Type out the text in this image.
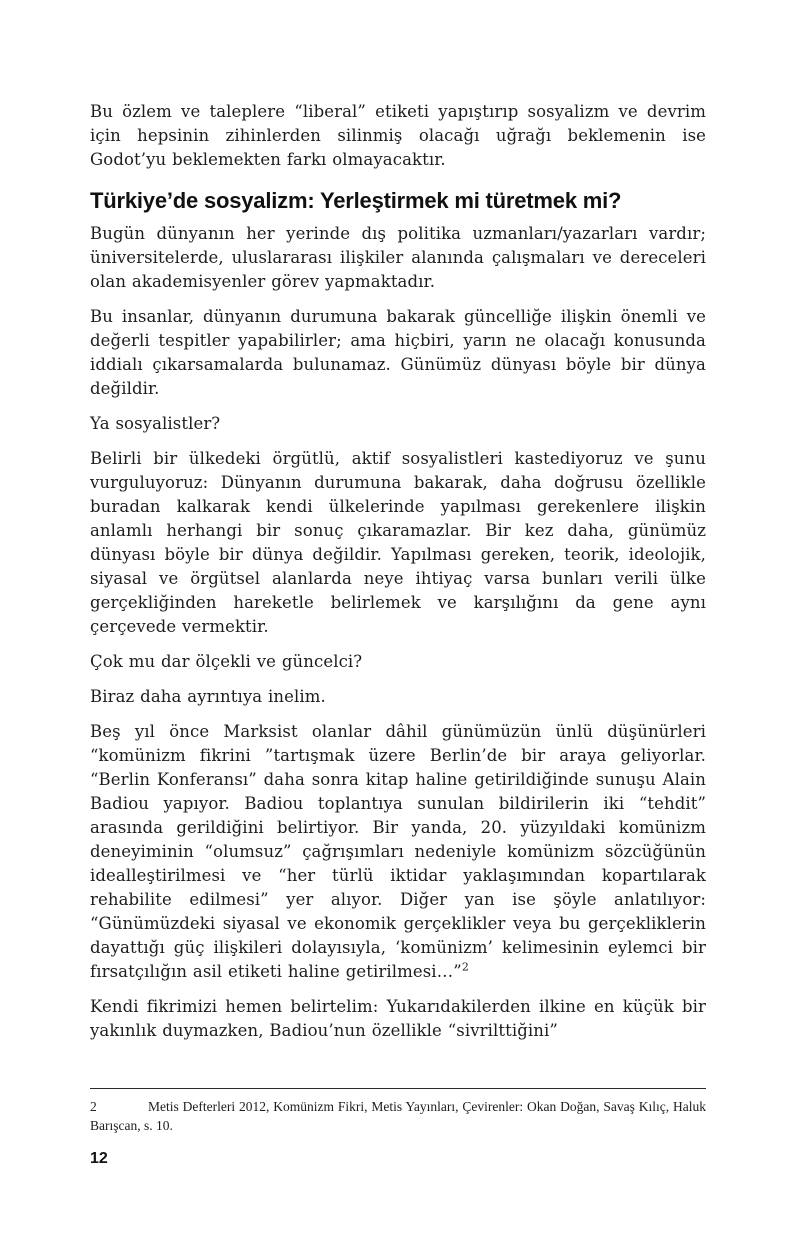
Bu özlem ve taleplere “liberal” etiketi yapıştırıp sosyalizm ve devrim için hepsinin zihinlerden silinmiş olacağı uğrağı beklemenin ise Godot’yu beklemekten farkı olmayacaktır.

Türkiye’de sosyalizm: Yerleştirmek mi türetmek mi?

Bugün dünyanın her yerinde dış politika uzmanları/yazarları vardır; üniversitelerde, uluslararası ilişkiler alanında çalışmaları ve dereceleri olan akademisyenler görev yapmaktadır.

Bu insanlar, dünyanın durumuna bakarak güncelliğe ilişkin önemli ve değerli tespitler yapabilirler; ama hiçbiri, yarın ne olacağı konusunda iddialı çıkarsamalarda bulunamaz. Günümüz dünyası böyle bir dünya değildir.

Ya sosyalistler?

Belirli bir ülkedeki örgütlü, aktif sosyalistleri kastediyoruz ve şunu vurguluyoruz: Dünyanın durumuna bakarak, daha doğrusu özellikle buradan kalkarak kendi ülkelerinde yapılması gerekenlere ilişkin anlamlı herhangi bir sonuç çıkaramazlar. Bir kez daha, günümüz dünyası böyle bir dünya değildir. Yapılması gereken, teorik, ideolojik, siyasal ve örgütsel alanlarda neye ihtiyaç varsa bunları verili ülke gerçekliğinden hareketle belirlemek ve karşılığını da gene aynı çerçevede vermektir.

Çok mu dar ölçekli ve güncelci?

Biraz daha ayrıntıya inelim.

Beş yıl önce Marksist olanlar dâhil günümüzün ünlü düşünürleri “komünizm fikrini ”tartışmak üzere Berlin’de bir araya geliyorlar. “Berlin Konferansı” daha sonra kitap haline getirildiğinde sunuşu Alain Badiou yapıyor. Badiou toplantıya sunulan bildirilerin iki “tehdit” arasında gerildiğini belirtiyor. Bir yanda, 20. yüzyıldaki komünizm deneyiminin “olumsuz” çağrışımları nedeniyle komünizm sözcüğünün idealleştirilmesi ve “her türlü iktidar yaklaşımından kopartılarak rehabilite edilmesi” yer alıyor. Diğer yan ise şöyle anlatılıyor: “Günümüzdeki siyasal ve ekonomik gerçeklikler veya bu gerçekliklerin dayattığı güç ilişkileri dolayısıyla, ‘komünizm’ kelimesinin eylemci bir fırsatçılığın asil etiketi haline getirilmesi…”$^2$

Kendi fikrimizi hemen belirtelim: Yukarıdakilerden ilkine en küçük bir yakınlık duymazken, Badiou’nun özellikle “sivrilttiğini”

2	Metis Defterleri 2012, Komünizm Fikri, Metis Yayınları, Çevirenler: Okan Doğan, Savaş Kılıç, Haluk Barışcan, s. 10.

12
